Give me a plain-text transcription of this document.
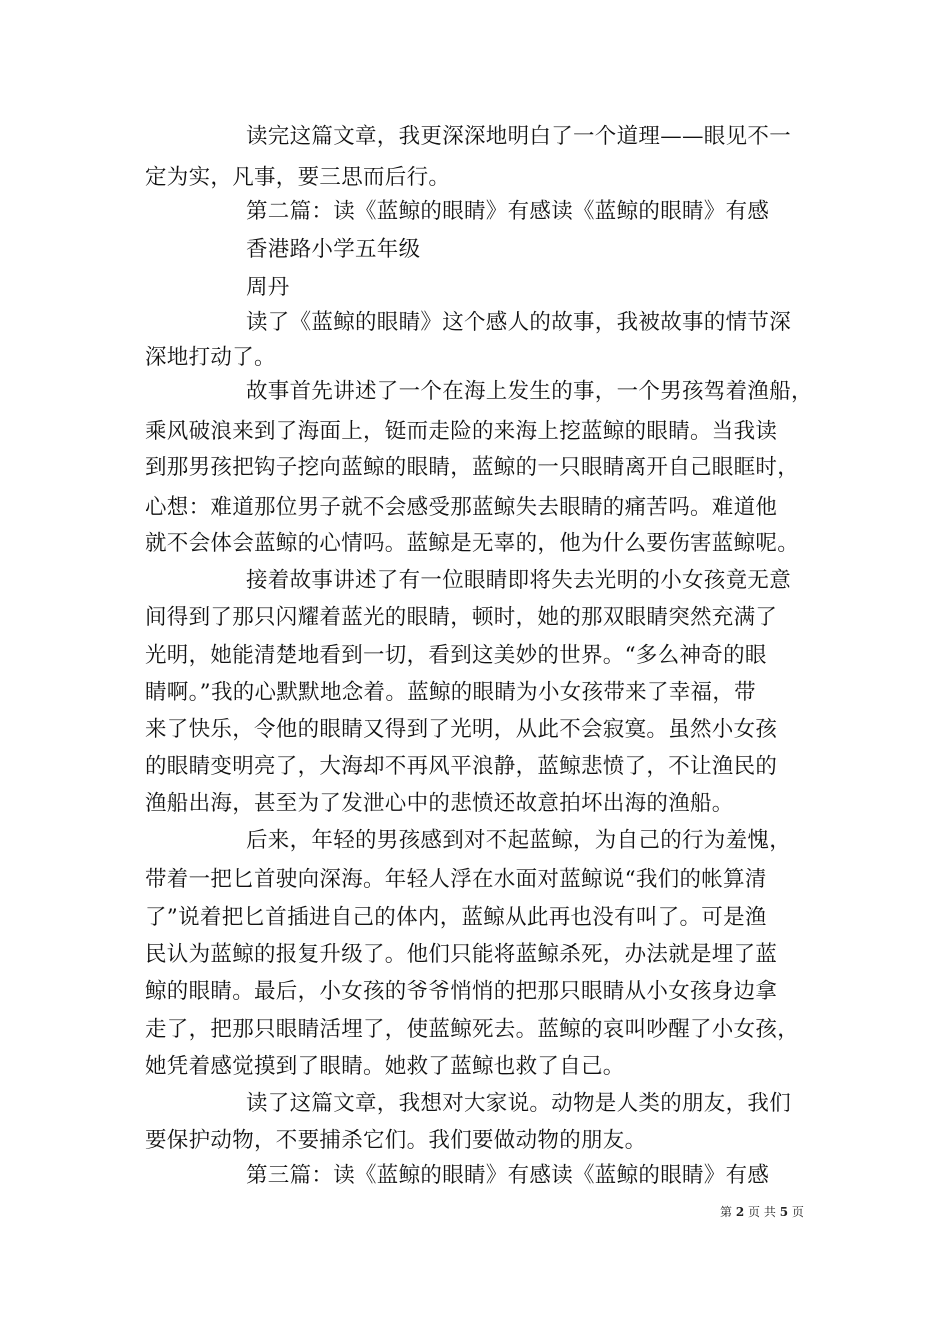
读完这篇文章，我更深深地明白了一个道理——眼见不一
定为实，凡事，要三思而后行。
第二篇：读《蓝鲸的眼睛》有感读《蓝鲸的眼睛》有感
香港路小学五年级
周丹
读了《蓝鲸的眼睛》这个感人的故事，我被故事的情节深
深地打动了。
故事首先讲述了一个在海上发生的事，一个男孩驾着渔船，
乘风破浪来到了海面上，铤而走险的来海上挖蓝鲸的眼睛。当我读
到那男孩把钩子挖向蓝鲸的眼睛，蓝鲸的一只眼睛离开自己眼眶时，
心想：难道那位男子就不会感受那蓝鲸失去眼睛的痛苦吗。难道他
就不会体会蓝鲸的心情吗。蓝鲸是无辜的，他为什么要伤害蓝鲸呢。
接着故事讲述了有一位眼睛即将失去光明的小女孩竟无意
间得到了那只闪耀着蓝光的眼睛，顿时，她的那双眼睛突然充满了
光明，她能清楚地看到一切，看到这美妙的世界。“多么神奇的眼
睛啊。”我的心默默地念着。蓝鲸的眼睛为小女孩带来了幸福，带
来了快乐，令他的眼睛又得到了光明，从此不会寂寞。虽然小女孩
的眼睛变明亮了，大海却不再风平浪静，蓝鲸悲愤了，不让渔民的
渔船出海，甚至为了发泄心中的悲愤还故意拍坏出海的渔船。
后来，年轻的男孩感到对不起蓝鲸，为自己的行为羞愧，
带着一把匕首驶向深海。年轻人浮在水面对蓝鲸说“我们的帐算清
了”说着把匕首插进自己的体内，蓝鲸从此再也没有叫了。可是渔
民认为蓝鲸的报复升级了。他们只能将蓝鲸杀死，办法就是埋了蓝
鲸的眼睛。最后，小女孩的爷爷悄悄的把那只眼睛从小女孩身边拿
走了，把那只眼睛活埋了，使蓝鲸死去。蓝鲸的哀叫吵醒了小女孩，
她凭着感觉摸到了眼睛。她救了蓝鲸也救了自己。
读了这篇文章，我想对大家说。动物是人类的朋友，我们
要保护动物，不要捕杀它们。我们要做动物的朋友。
第三篇：读《蓝鲸的眼睛》有感读《蓝鲸的眼睛》有感
第 2 页 共 5 页
